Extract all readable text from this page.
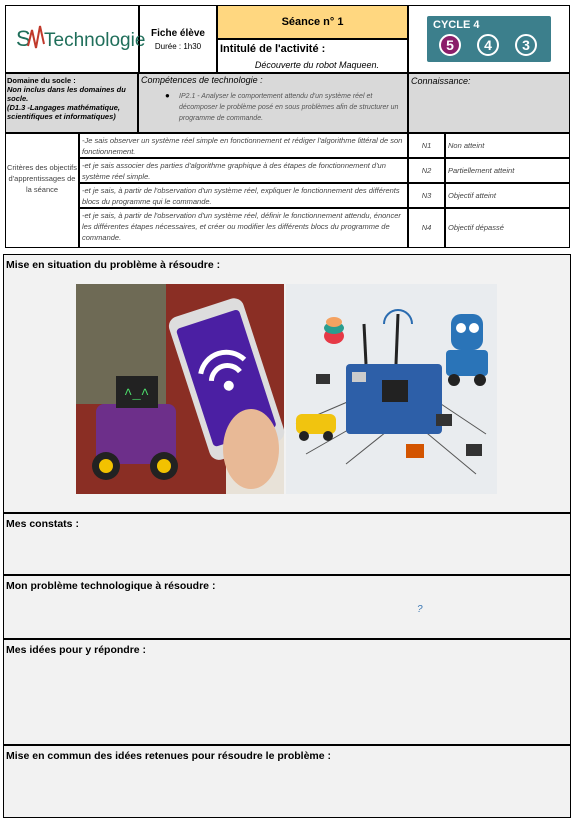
S Technologie Fiche élève
Durée : 1h30
Séance n° 1
Intitulé de l'activité :
Découverte du robot Maqueen.
CYCLE 4
5	4	3
Domaine du socle :
Non inclus dans les domaines du socle.
(D1.3 -Langages mathématique, scientifiques et informatiques)
Compétences de technologie :
●	IP2.1 - Analyser le comportement attendu d'un système réel et décomposer le problème posé en sous problèmes afin de structurer un programme de commande.
Connaissance:
Critères des objectifs d'apprentissages de la séance
-Je sais observer un système réel simple en fonctionnement et rédiger l'algorithme littéral de son fonctionnement.
N1	Non atteint
-et je sais associer des parties d'algorithme graphique à des étapes de fonctionnement d'un système réel simple.
N2	Partiellement atteint
-et je sais, à partir de l'observation d'un système réel, expliquer le fonctionnement des différents blocs du programme qui le commande.
N3	Objectif atteint
-et je sais, à partir de l'observation d'un système réel, définir le fonctionnement attendu, énoncer les différentes étapes nécessaires, et créer ou modifier les différents blocs du programme de commande.
N4	Objectif dépassé
Mise en situation du problème à résoudre :
^_^
Mes constats :
Mon problème technologique à résoudre :
?
Mes idées pour y répondre :
Mise en commun des idées retenues pour résoudre le problème :
